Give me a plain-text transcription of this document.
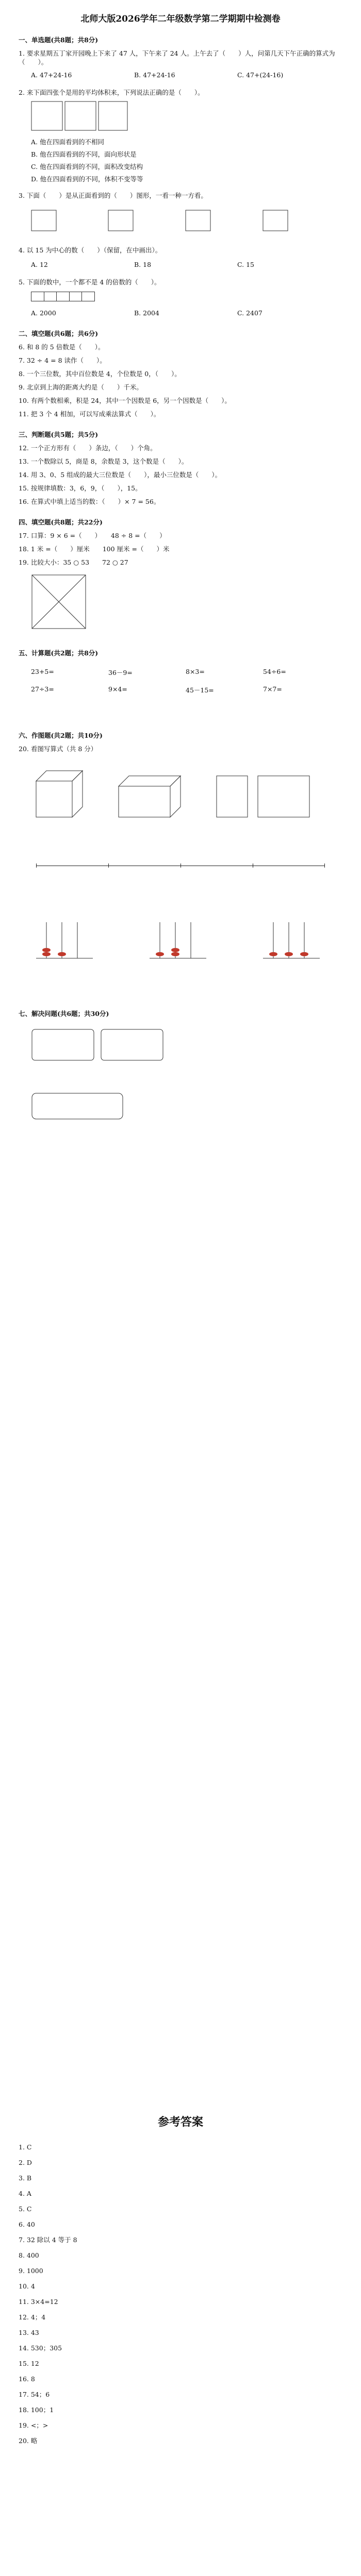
北师大版2026学年二年级数学第二学期期中检测卷
一、单选题(共8题；共8分)
1. 要求星期五丁家开园晚上下来了 47 人，下午来了 24 人。上午去了（　　）人，问第几天下午正确的算式为（　　）。
A. 47+24-16	B. 47+24-16	C. 47+(24-16)
2. 来下面四张个是用的平均体积来，下列说法正确的是（　　）。
A. 他在四面看到的不相同
B. 他在四面看到的不同，面向形状是
C. 他在四面看到的不同，面积改变结构
D. 他在四面看到的不同，体积不变等等
3. 下面（　　）是从正面看到的（　　）图形，一看一种一方看。
4. 以 15 为中心的数（　　）（保留，在中画出）。
A. 12	B. 18	C. 15
5. 下面的数中，一个都不是 4 的倍数的（　　）。

A. 2000	B. 2004	C. 2407
二、填空题(共6题；共6分)
6. 和 8 的 5 倍数是（　　）。
7. 32 ÷ 4 = 8 读作（　　）。
8. 一个三位数，其中百位数是 4，个位数是 0，（　　）。
9. 北京到上海的距离大约是（　　）千米。
10. 有两个数相乘，积是 24，其中一个因数是 6，另一个因数是（　　）。
11. 把 3 个 4 相加，可以写成乘法算式（　　）。
三、判断题(共5题；共5分)
12. 一个正方形有（　　）条边，（　　）个角。
13. 一个数除以 5，商是 8，余数是 3，这个数是（　　）。
14. 用 3、0、5 组成的最大三位数是（　　），最小三位数是（　　）。
15. 按规律填数：3，6，9，（　　），15。
16. 在算式中填上适当的数：（　　）× 7 = 56。
四、填空题(共8题；共22分)
17. 口算：9 × 6 =（　　）　　48 ÷ 8 =（　　）
18. 1 米 =（　　）厘米　　100 厘米 =（　　）米
19. 比较大小：35 ○ 53　　72 ○ 27
五、计算题(共2题；共8分)
23+5=	36－9=	8×3=	54÷6=
27÷3=	9×4=	45－15=	7×7=
六、作图题(共2题；共10分)
20. 看图写算式（共 8 分）
七、解决问题(共6题；共30分)
参考答案
1. C
2. D
3. B
4. A
5. C
6. 40
7. 32 除以 4 等于 8
8. 400
9. 1000
10. 4
11. 3×4=12
12. 4；4
13. 43
14. 530；305
15. 12
16. 8
17. 54；6
18. 100；1
19. <；>
20. 略
